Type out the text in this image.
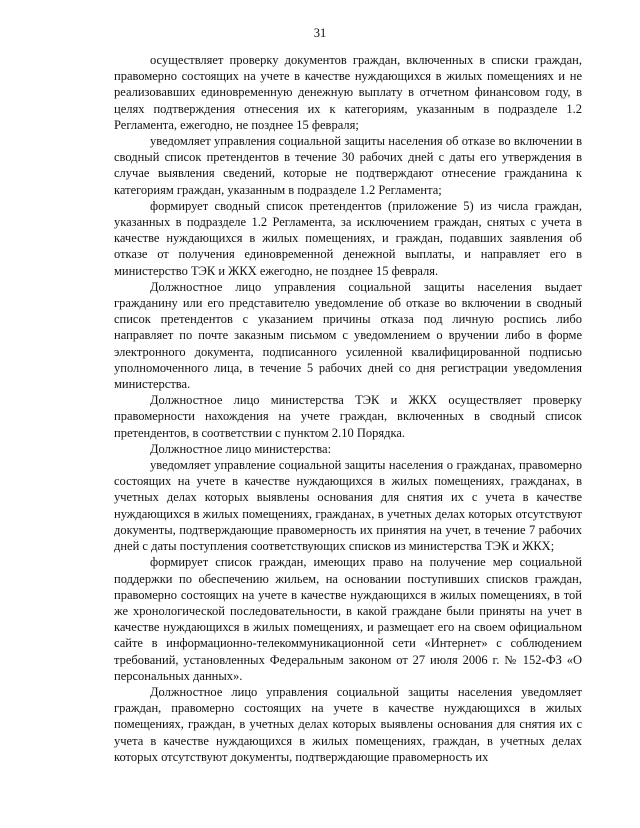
31

осуществляет проверку документов граждан, включенных в списки граждан, правомерно состоящих на учете в качестве нуждающихся в жилых помещениях и не реализовавших единовременную денежную выплату в отчетном финансовом году, в целях подтверждения отнесения их к категориям, указанным в подразделе 1.2 Регламента, ежегодно, не позднее 15 февраля;

уведомляет управления социальной защиты населения об отказе во включении в сводный список претендентов в течение 30 рабочих дней с даты его утверждения в случае выявления сведений, которые не подтверждают отнесение гражданина к категориям граждан, указанным в подразделе 1.2 Регламента;

формирует сводный список претендентов (приложение 5) из числа граждан, указанных в подразделе 1.2 Регламента, за исключением граждан, снятых с учета в качестве нуждающихся в жилых помещениях, и граждан, подавших заявления об отказе от получения единовременной денежной выплаты, и направляет его в министерство ТЭК и ЖКХ ежегодно, не позднее 15 февраля.

Должностное лицо управления социальной защиты населения выдает гражданину или его представителю уведомление об отказе во включении в сводный список претендентов с указанием причины отказа под личную роспись либо направляет по почте заказным письмом с уведомлением о вручении либо в форме электронного документа, подписанного усиленной квалифицированной подписью уполномоченного лица, в течение 5 рабочих дней со дня регистрации уведомления министерства.

Должностное лицо министерства ТЭК и ЖКХ осуществляет проверку правомерности нахождения на учете граждан, включенных в сводный список претендентов, в соответствии с пунктом 2.10 Порядка.

Должностное лицо министерства:

уведомляет управление социальной защиты населения о гражданах, правомерно состоящих на учете в качестве нуждающихся в жилых помещениях, гражданах, в учетных делах которых выявлены основания для снятия их с учета в качестве нуждающихся в жилых помещениях, гражданах, в учетных делах которых отсутствуют документы, подтверждающие правомерность их принятия на учет, в течение 7 рабочих дней с даты поступления соответствующих списков из министерства ТЭК и ЖКХ;

формирует список граждан, имеющих право на получение мер социальной поддержки по обеспечению жильем, на основании поступивших списков граждан, правомерно состоящих на учете в качестве нуждающихся в жилых помещениях, в той же хронологической последовательности, в какой граждане были приняты на учет в качестве нуждающихся в жилых помещениях, и размещает его на своем официальном сайте в информационно-телекоммуникационной сети «Интернет» с соблюдением требований, установленных Федеральным законом от 27 июля 2006 г. № 152-ФЗ «О персональных данных».

Должностное лицо управления социальной защиты населения уведомляет граждан, правомерно состоящих на учете в качестве нуждающихся в жилых помещениях, граждан, в учетных делах которых выявлены основания для снятия их с учета в качестве нуждающихся в жилых помещениях, граждан, в учетных делах которых отсутствуют документы, подтверждающие правомерность их
